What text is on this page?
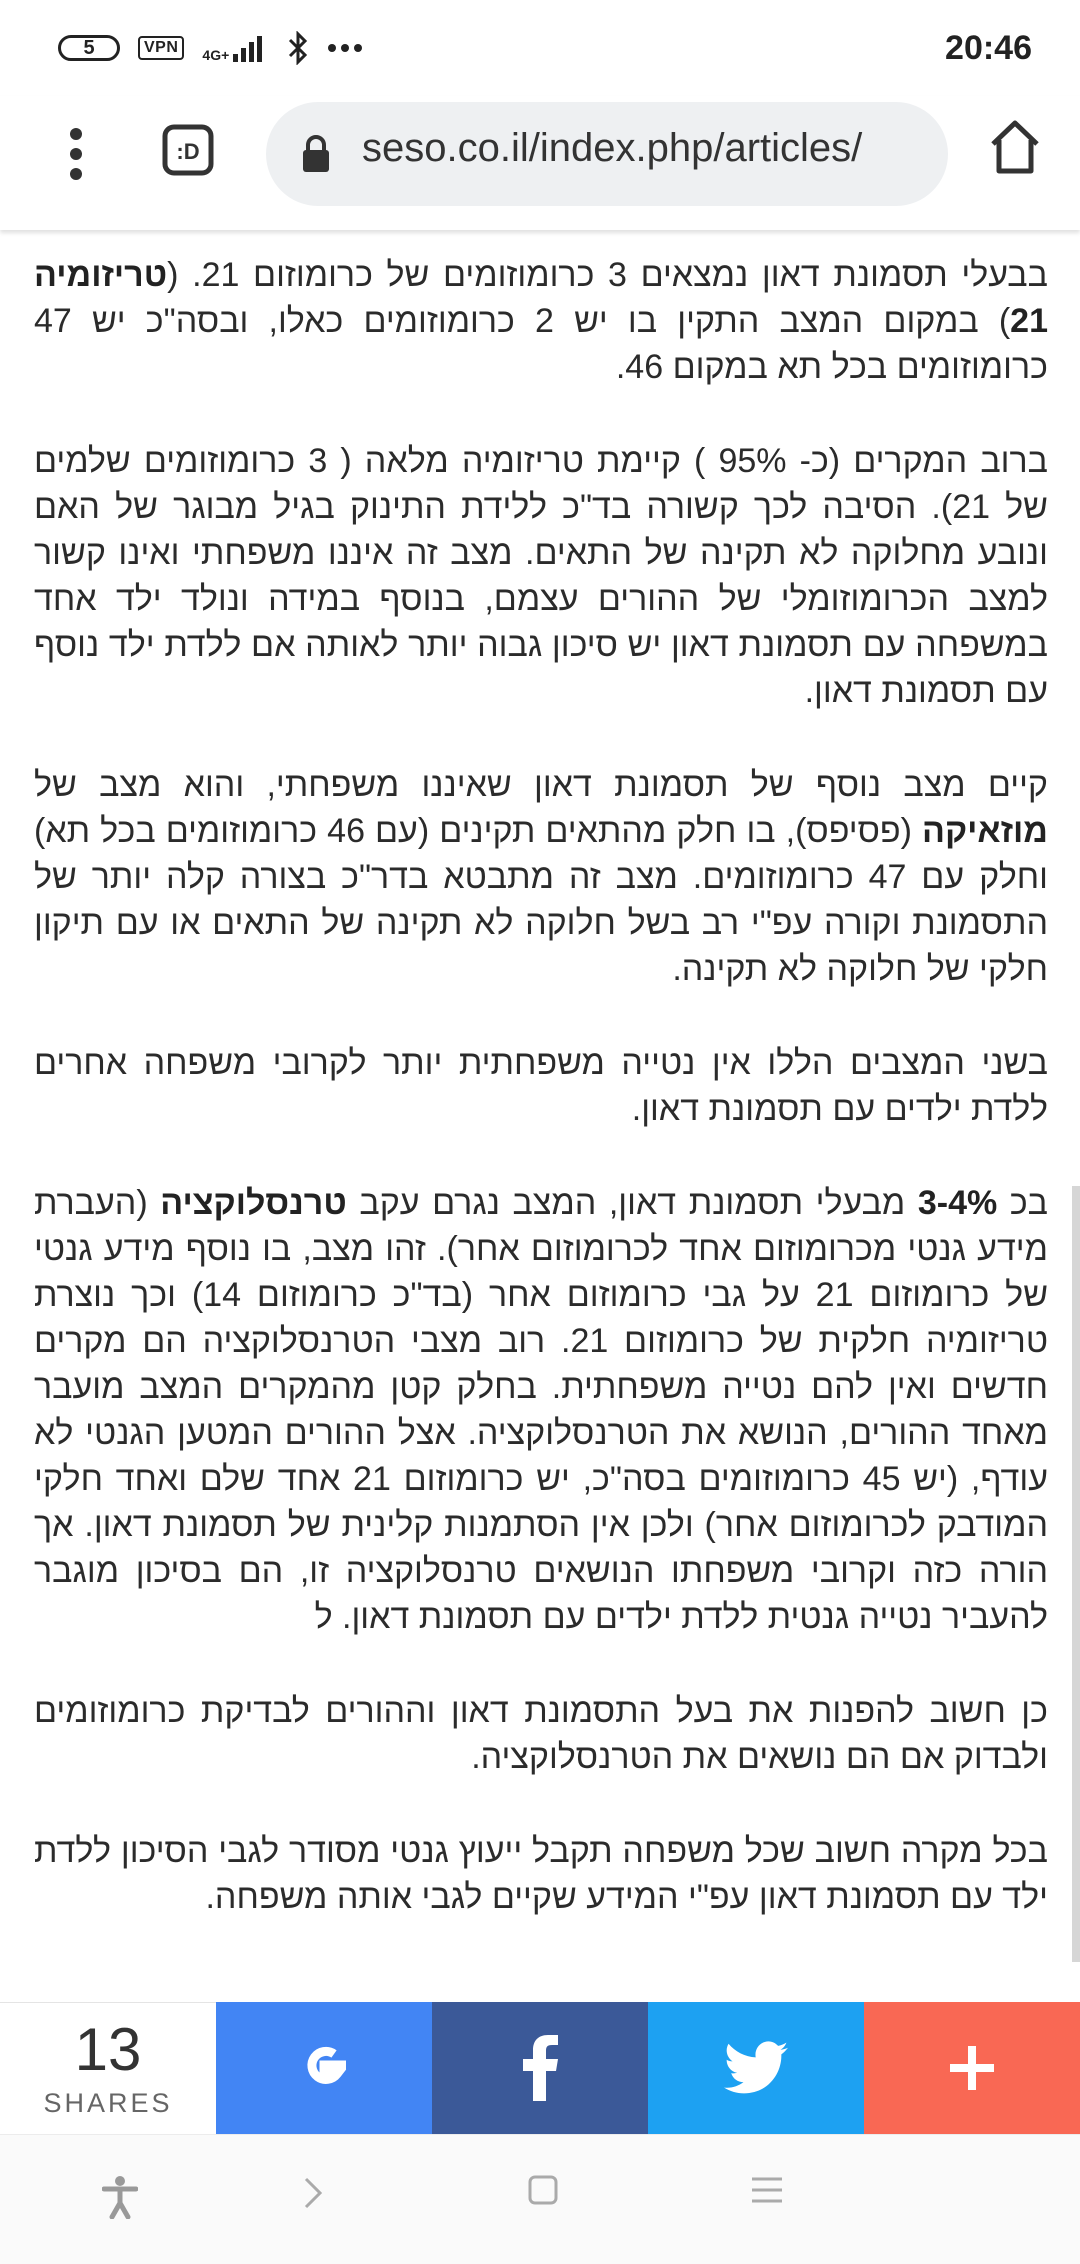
5	VPN	4G+	20:46
:D	seso.co.il/index.php/articles/

בבעלי תסמונת דאון נמצאים 3 כרומוזומים של כרומוזום 21. (טריזומיה 21) במקום המצב התקין בו יש 2 כרומוזומים כאלו, ובסה"כ יש 47 כרומוזומים בכל תא במקום 46.

ברוב המקרים (כ- 95% ) קיימת טריזומיה מלאה ( 3 כרומוזומים שלמים של 21). הסיבה לכך קשורה בד"כ ללידת התינוק בגיל מבוגר של האם ונובע מחלוקה לא תקינה של התאים. מצב זה איננו משפחתי ואינו קשור למצב הכרומוזומלי של ההורים עצמם, בנוסף במידה ונולד ילד אחד במשפחה עם תסמונת דאון יש סיכון גבוה יותר לאותה אם ללדת ילד נוסף עם תסמונת דאון.

קיים מצב נוסף של תסמונת דאון שאיננו משפחתי, והוא מצב של מוזאיקה (פסיפס), בו חלק מהתאים תקינים (עם 46 כרומוזומים בכל תא) וחלק עם 47 כרומוזומים. מצב זה מתבטא בדר"כ בצורה קלה יותר של התסמונת וקורה עפ"י רב בשל חלוקה לא תקינה של התאים או עם תיקון חלקי של חלוקה לא תקינה.

בשני המצבים הללו אין נטייה משפחתית יותר לקרובי משפחה אחרים ללדת ילדים עם תסמונת דאון.

בכ 3-4% מבעלי תסמונת דאון, המצב נגרם עקב טרנסלוקציה (העברת מידע גנטי מכרומוזום אחד לכרומוזום אחר). זהו מצב, בו נוסף מידע גנטי של כרומוזום 21 על גבי כרומוזום אחר (בד"כ כרומוזום 14) וכך נוצרת טריזומיה חלקית של כרומוזום 21. רוב מצבי הטרנסלוקציה הם מקרים חדשים ואין להם נטייה משפחתית. בחלק קטן מהמקרים המצב מועבר מאחד ההורים, הנושא את הטרנסלוקציה. אצל ההורים המטען הגנטי לא עודף, (יש 45 כרומוזומים בסה"כ, יש כרומוזום 21 אחד שלם ואחד חלקי המודבק לכרומוזום אחר) ולכן אין הסתמנות קלינית של תסמונת דאון. אך הורה כזה וקרובי משפחתו הנושאים טרנסלוקציה זו, הם בסיכון מוגבר להעביר נטייה גנטית ללדת ילדים עם תסמונת דאון. ל

כן חשוב להפנות את בעל התסמונת דאון וההורים לבדיקת כרומוזומים ולבדוק אם הם נושאים את הטרנסלוקציה.

בכל מקרה חשוב שכל משפחה תקבל ייעוץ גנטי מסודר לגבי הסיכון ללדת ילד עם תסמונת דאון עפ"י המידע שקיים לגבי אותה משפחה.

13
SHARES
